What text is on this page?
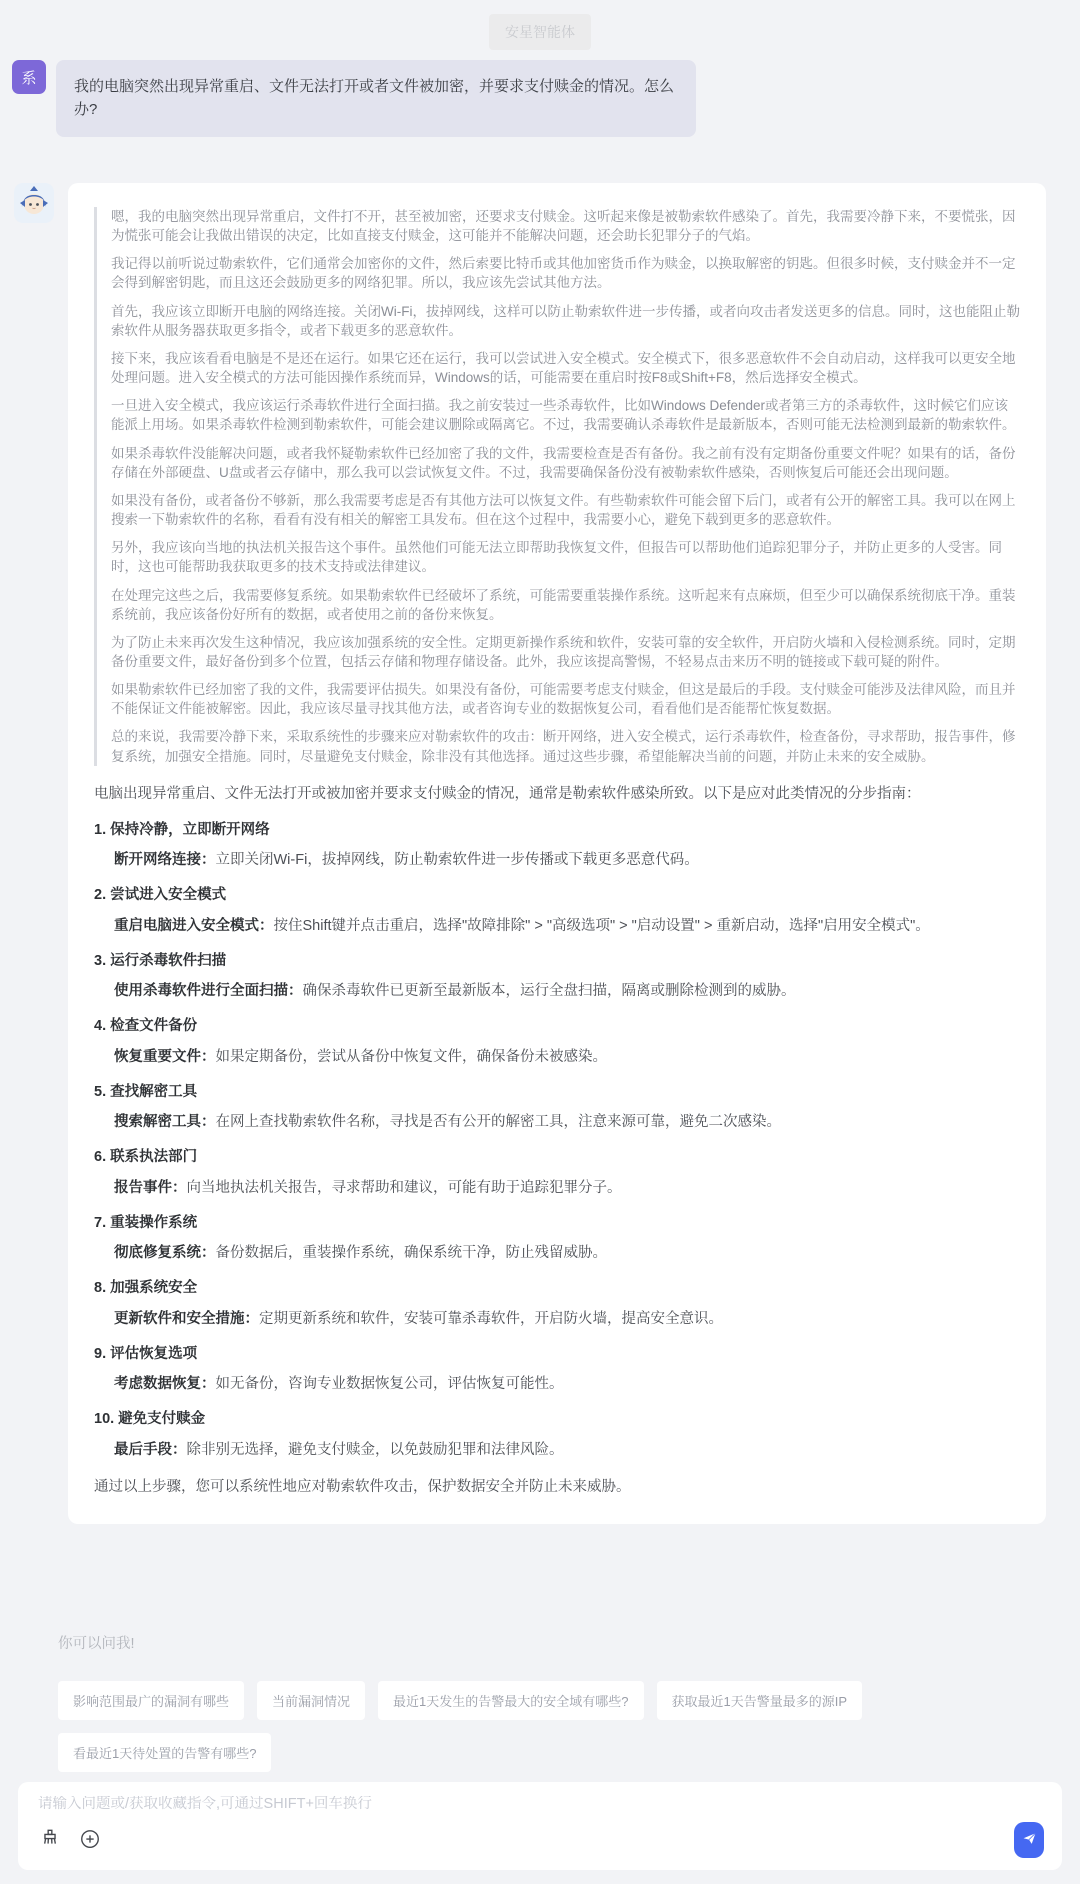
安星智能体
系	我的电脑突然出现异常重启、文件无法打开或者文件被加密，并要求支付赎金的情况。怎么办?

嗯，我的电脑突然出现异常重启，文件打不开，甚至被加密，还要求支付赎金。这听起来像是被勒索软件感染了。首先，我需要冷静下来，不要慌张，因为慌张可能会让我做出错误的决定，比如直接支付赎金，这可能并不能解决问题，还会助长犯罪分子的气焰。

我记得以前听说过勒索软件，它们通常会加密你的文件，然后索要比特币或其他加密货币作为赎金，以换取解密的钥匙。但很多时候，支付赎金并不一定会得到解密钥匙，而且这还会鼓励更多的网络犯罪。所以，我应该先尝试其他方法。

首先，我应该立即断开电脑的网络连接。关闭Wi-Fi，拔掉网线，这样可以防止勒索软件进一步传播，或者向攻击者发送更多的信息。同时，这也能阻止勒索软件从服务器获取更多指令，或者下载更多的恶意软件。

接下来，我应该看看电脑是不是还在运行。如果它还在运行，我可以尝试进入安全模式。安全模式下，很多恶意软件不会自动启动，这样我可以更安全地处理问题。进入安全模式的方法可能因操作系统而异，Windows的话，可能需要在重启时按F8或Shift+F8，然后选择安全模式。

一旦进入安全模式，我应该运行杀毒软件进行全面扫描。我之前安装过一些杀毒软件，比如Windows Defender或者第三方的杀毒软件，这时候它们应该能派上用场。如果杀毒软件检测到勒索软件，可能会建议删除或隔离它。不过，我需要确认杀毒软件是最新版本，否则可能无法检测到最新的勒索软件。

如果杀毒软件没能解决问题，或者我怀疑勒索软件已经加密了我的文件，我需要检查是否有备份。我之前有没有定期备份重要文件呢？如果有的话，备份存储在外部硬盘、U盘或者云存储中，那么我可以尝试恢复文件。不过，我需要确保备份没有被勒索软件感染，否则恢复后可能还会出现问题。

如果没有备份，或者备份不够新，那么我需要考虑是否有其他方法可以恢复文件。有些勒索软件可能会留下后门，或者有公开的解密工具。我可以在网上搜索一下勒索软件的名称，看看有没有相关的解密工具发布。但在这个过程中，我需要小心，避免下载到更多的恶意软件。

另外，我应该向当地的执法机关报告这个事件。虽然他们可能无法立即帮助我恢复文件，但报告可以帮助他们追踪犯罪分子，并防止更多的人受害。同时，这也可能帮助我获取更多的技术支持或法律建议。

在处理完这些之后，我需要修复系统。如果勒索软件已经破坏了系统，可能需要重装操作系统。这听起来有点麻烦，但至少可以确保系统彻底干净。重装系统前，我应该备份好所有的数据，或者使用之前的备份来恢复。

为了防止未来再次发生这种情况，我应该加强系统的安全性。定期更新操作系统和软件，安装可靠的安全软件，开启防火墙和入侵检测系统。同时，定期备份重要文件，最好备份到多个位置，包括云存储和物理存储设备。此外，我应该提高警惕，不轻易点击来历不明的链接或下载可疑的附件。

如果勒索软件已经加密了我的文件，我需要评估损失。如果没有备份，可能需要考虑支付赎金，但这是最后的手段。支付赎金可能涉及法律风险，而且并不能保证文件能被解密。因此，我应该尽量寻找其他方法，或者咨询专业的数据恢复公司，看看他们是否能帮忙恢复数据。

总的来说，我需要冷静下来，采取系统性的步骤来应对勒索软件的攻击：断开网络，进入安全模式，运行杀毒软件，检查备份，寻求帮助，报告事件，修复系统，加强安全措施。同时，尽量避免支付赎金，除非没有其他选择。通过这些步骤，希望能解决当前的问题，并防止未来的安全威胁。

电脑出现异常重启、文件无法打开或被加密并要求支付赎金的情况，通常是勒索软件感染所致。以下是应对此类情况的分步指南：

1. 保持冷静，立即断开网络
断开网络连接：立即关闭Wi-Fi，拔掉网线，防止勒索软件进一步传播或下载更多恶意代码。
2. 尝试进入安全模式
重启电脑进入安全模式：按住Shift键并点击重启，选择"故障排除" > "高级选项" > "启动设置" > 重新启动，选择"启用安全模式"。
3. 运行杀毒软件扫描
使用杀毒软件进行全面扫描：确保杀毒软件已更新至最新版本，运行全盘扫描，隔离或删除检测到的威胁。
4. 检查文件备份
恢复重要文件：如果定期备份，尝试从备份中恢复文件，确保备份未被感染。
5. 查找解密工具
搜索解密工具：在网上查找勒索软件名称，寻找是否有公开的解密工具，注意来源可靠，避免二次感染。
6. 联系执法部门
报告事件：向当地执法机关报告，寻求帮助和建议，可能有助于追踪犯罪分子。
7. 重装操作系统
彻底修复系统：备份数据后，重装操作系统，确保系统干净，防止残留威胁。
8. 加强系统安全
更新软件和安全措施：定期更新系统和软件，安装可靠杀毒软件，开启防火墙，提高安全意识。
9. 评估恢复选项
考虑数据恢复：如无备份，咨询专业数据恢复公司，评估恢复可能性。
10. 避免支付赎金
最后手段：除非别无选择，避免支付赎金，以免鼓励犯罪和法律风险。

通过以上步骤，您可以系统性地应对勒索软件攻击，保护数据安全并防止未来威胁。

你可以问我!
影响范围最广的漏洞有哪些	当前漏洞情况	最近1天发生的告警最大的安全域有哪些?	获取最近1天告警量最多的源IP
看最近1天待处置的告警有哪些?
请输入问题或/获取收藏指令,可通过SHIFT+回车换行
